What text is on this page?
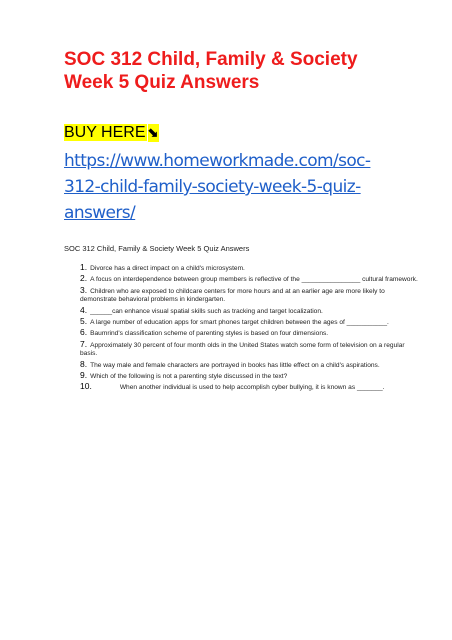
SOC 312 Child, Family & Society
Week 5 Quiz Answers
BUY HERE ⬊
https://www.homeworkmade.com/soc-
312-child-family-society-week-5-quiz-
answers/
SOC 312 Child, Family & Society Week 5 Quiz Answers
1. Divorce has a direct impact on a child's microsystem.
2. A focus on interdependence between group members is reflective of the ________________ cultural framework.
3. Children who are exposed to childcare centers for more hours and at an earlier age are more likely to demonstrate behavioral problems in kindergarten.
4. ______can enhance visual spatial skills such as tracking and target localization.
5. A large number of education apps for smart phones target children between the ages of ___________.
6. Baumrind's classification scheme of parenting styles is based on four dimensions.
7. Approximately 30 percent of four month olds in the United States watch some form of television on a regular basis.
8. The way male and female characters are portrayed in books has little effect on a child's aspirations.
9. Which of the following is not a parenting style discussed in the text?
10.	When another individual is used to help accomplish cyber bullying, it is known as _______.
